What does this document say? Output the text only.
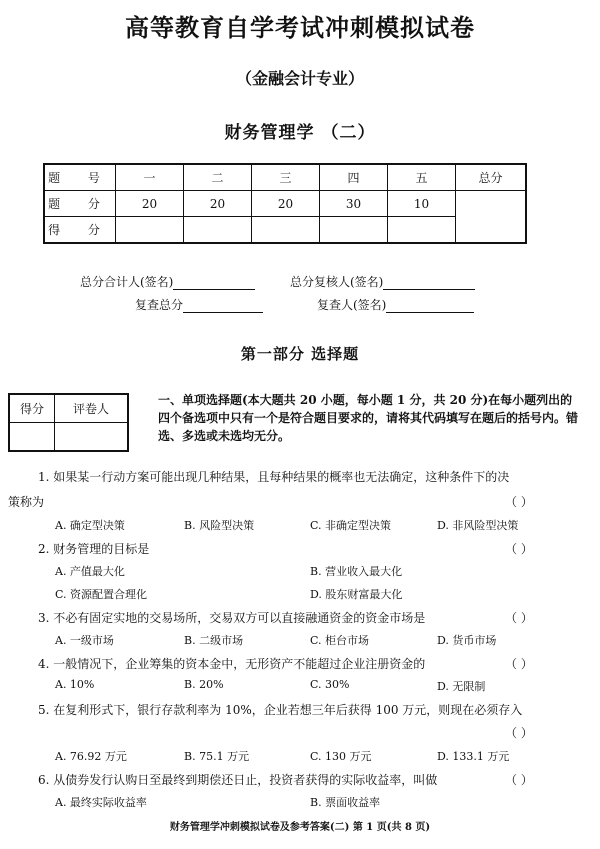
高等教育自学考试冲刺模拟试卷
（金融会计专业）
财务管理学 （二）
题 号	一	二	三	四	五	总分
题 分	20	20	20	30	10	
得 分						
总分合计人(签名)	总分复核人(签名)
复查总分	复查人(签名)
第一部分 选择题
得分	评卷人

一、单项选择题(本大题共 20 小题，每小题 1 分，共 20 分)在每小题列出的四个备选项中只有一个是符合题目要求的，请将其代码填写在题后的括号内。错选、多选或未选均无分。
1. 如果某一行动方案可能出现几种结果，且每种结果的概率也无法确定，这种条件下的决
策称为	（ ）
A. 确定型决策	B. 风险型决策	C. 非确定型决策	D. 非风险型决策
2. 财务管理的目标是	（ ）
A. 产值最大化	B. 营业收入最大化
C. 资源配置合理化	D. 股东财富最大化
3. 不必有固定实地的交易场所，交易双方可以直接融通资金的资金市场是	（ ）
A. 一级市场	B. 二级市场	C. 柜台市场	D. 货币市场
4. 一般情况下，企业筹集的资本金中，无形资产不能超过企业注册资金的	（ ）
A. 10%	B. 20%	C. 30%	D. 无限制
5. 在复利形式下，银行存款利率为 10%，企业若想三年后获得 100 万元，则现在必须存入
（ ）
A. 76.92 万元	B. 75.1 万元	C. 130 万元	D. 133.1 万元
6. 从债券发行认购日至最终到期偿还日止，投资者获得的实际收益率，叫做	（ ）
A. 最终实际收益率	B. 票面收益率
财务管理学冲刺模拟试卷及参考答案(二) 第 1 页(共 8 页)
